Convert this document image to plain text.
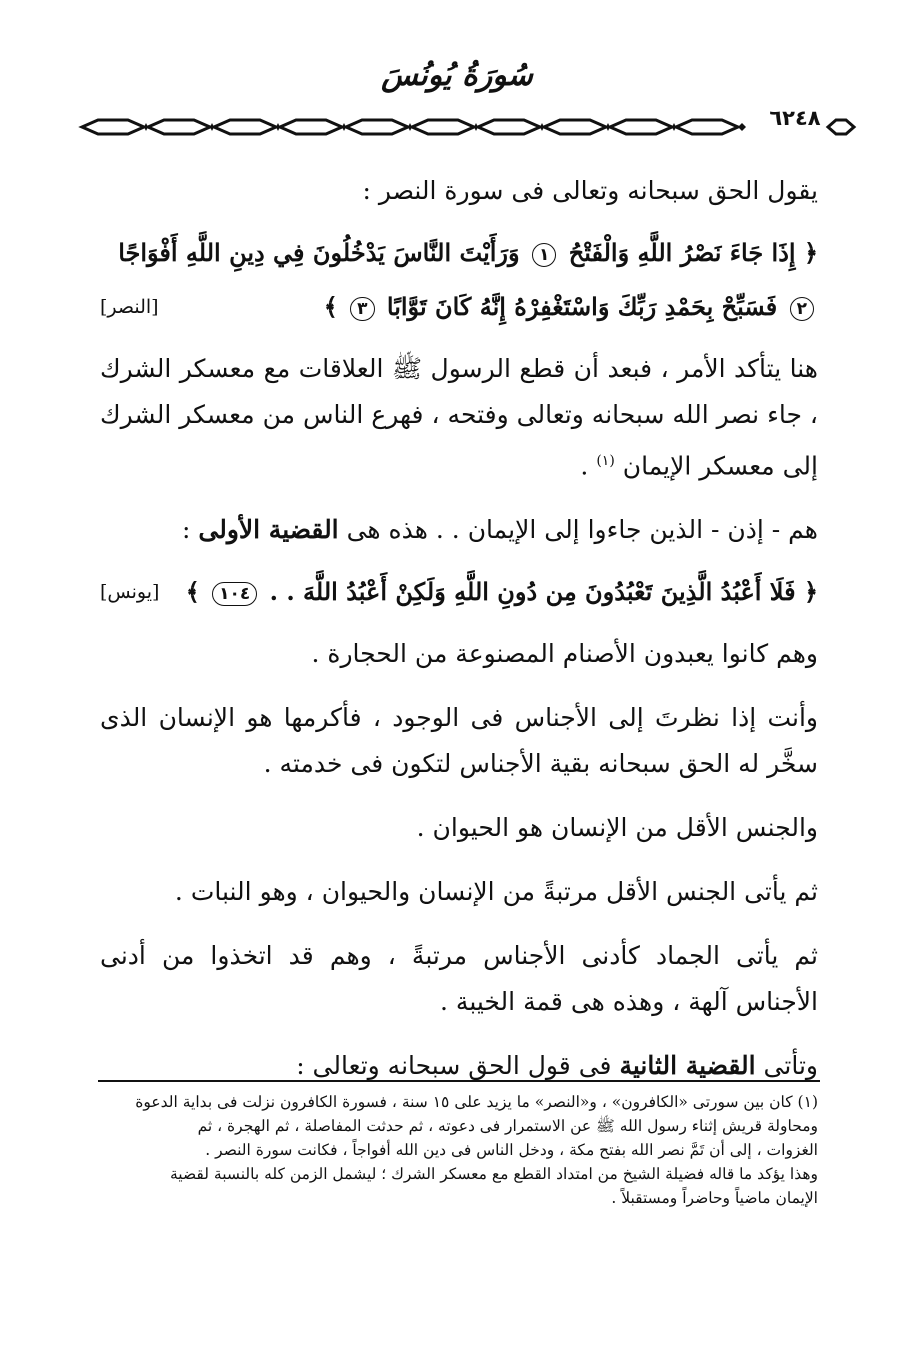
سُورَةُ يُونُسَ
٦٢٤٨

يقول الحق سبحانه وتعالى فى سورة النصر :

﴿ إِذَا جَاءَ نَصْرُ اللَّهِ وَالْفَتْحُ ١ وَرَأَيْتَ النَّاسَ يَدْخُلُونَ فِي دِينِ اللَّهِ أَفْوَاجًا
٢ فَسَبِّحْ بِحَمْدِ رَبِّكَ وَاسْتَغْفِرْهُ إِنَّهُ كَانَ تَوَّابًا ٣ ﴾
[النصر]

هنا يتأكد الأمر ، فبعد أن قطع الرسول ﷺ العلاقات مع معسكر الشرك ، جاء نصر الله سبحانه وتعالى وفتحه ، فهرع الناس من معسكر الشرك إلى معسكر الإيمان $^{(١)}$ .

هم - إذن - الذين جاءوا إلى الإيمان . . هذه هى القضية الأولى :

﴿ فَلَا أَعْبُدُ الَّذِينَ تَعْبُدُونَ مِن دُونِ اللَّهِ وَلَكِنْ أَعْبُدُ اللَّهَ . . ١٠٤ ﴾
[يونس]

وهم كانوا يعبدون الأصنام المصنوعة من الحجارة .

وأنت إذا نظرتَ إلى الأجناس فى الوجود ، فأكرمها هو الإنسان الذى سخَّر له الحق سبحانه بقية الأجناس لتكون فى خدمته .

والجنس الأقل من الإنسان هو الحيوان .

ثم يأتى الجنس الأقل مرتبةً من الإنسان والحيوان ، وهو النبات .

ثم يأتى الجماد كأدنى الأجناس مرتبةً ، وهم قد اتخذوا من أدنى الأجناس آلهة ، وهذه هى قمة الخيبة .

وتأتى القضية الثانية فى قول الحق سبحانه وتعالى :

(١) كان بين سورتى «الكافرون» ، و«النصر» ما يزيد على ١٥ سنة ، فسورة الكافرون نزلت فى بداية الدعوة

ومحاولة قريش إثناء رسول الله ﷺ عن الاستمرار فى دعوته ، ثم حدثت المفاصلة ، ثم الهجرة ، ثم

الغزوات ، إلى أن تَمَّ نصر الله بفتح مكة ، ودخل الناس فى دين الله أفواجاً ، فكانت سورة النصر .

وهذا يؤكد ما قاله فضيلة الشيخ من امتداد القطع مع معسكر الشرك ؛ ليشمل الزمن كله بالنسبة لقضية

الإيمان ماضياً وحاضراً ومستقبلاً .
